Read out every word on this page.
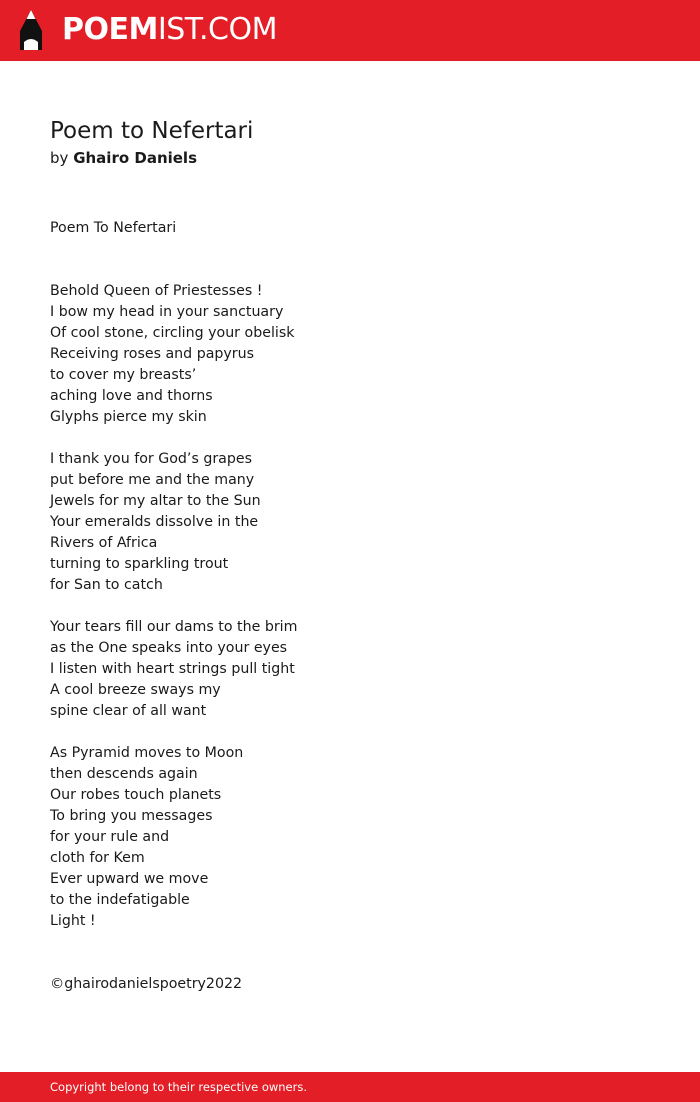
POEMIST.COM
Poem to Nefertari
by Ghairo Daniels
Poem To Nefertari
Behold Queen of Priestesses !
I bow my head in your sanctuary
Of cool stone, circling your obelisk
Receiving roses and papyrus
to cover my breasts’
aching love and thorns
Glyphs pierce my skin
I thank you for God’s grapes
put before me and the many
Jewels for my altar to the Sun
Your emeralds dissolve in the
Rivers of Africa
turning to sparkling trout
for San to catch
Your tears fill our dams to the brim
as the One speaks into your eyes
I listen with heart strings pull tight
A cool breeze sways my
spine clear of all want
As Pyramid moves to Moon
then descends again
Our robes touch planets
To bring you messages
for your rule and
cloth for Kem
Ever upward we move
to the indefatigable
Light !
©ghairodanielspoetry2022
Copyright belong to their respective owners.
